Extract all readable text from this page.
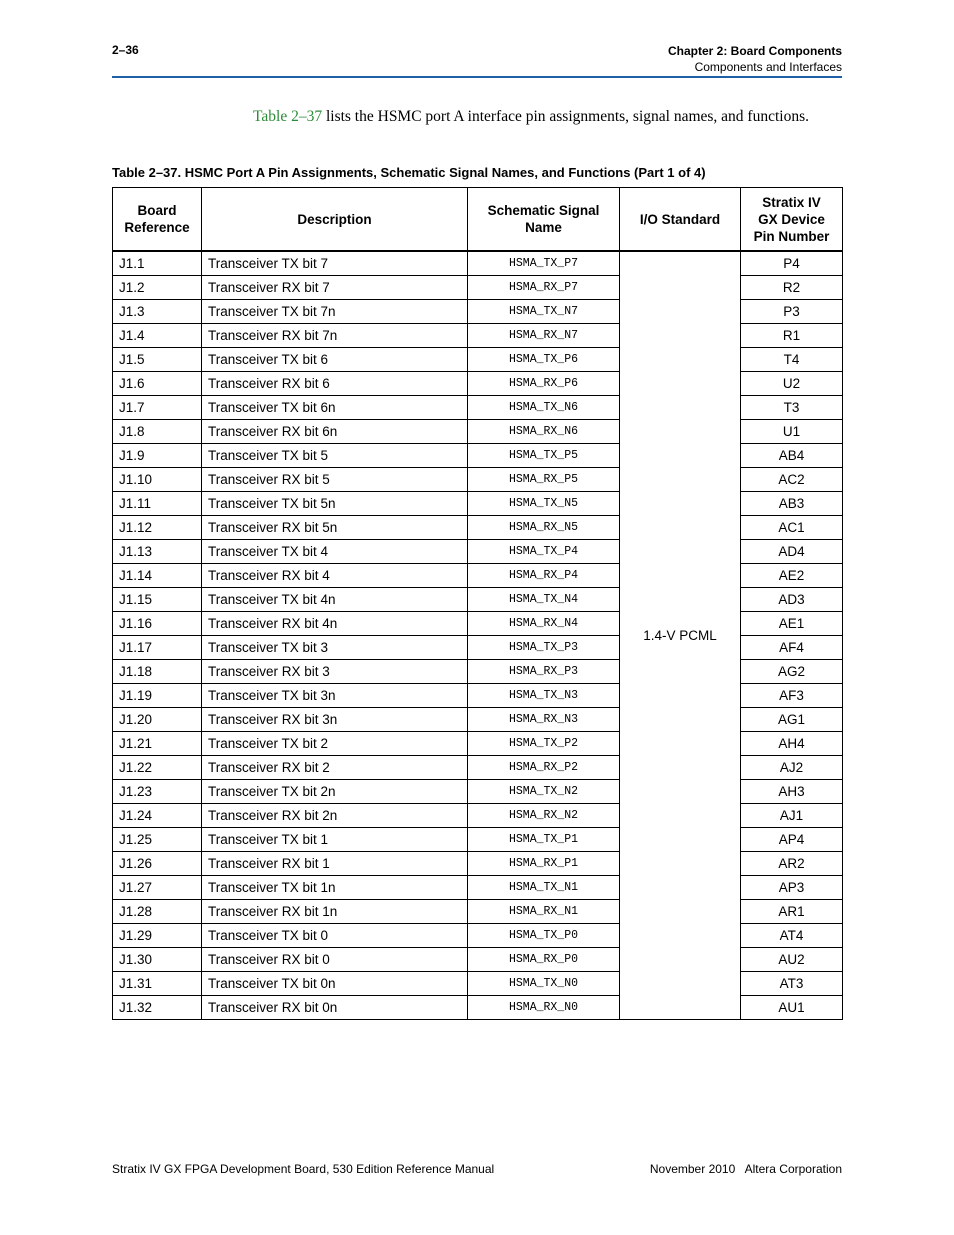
2–36	Chapter 2: Board Components
Components and Interfaces

Table 2–37 lists the HSMC port A interface pin assignments, signal names, and functions.

Table 2–37. HSMC Port A Pin Assignments, Schematic Signal Names, and Functions (Part 1 of 4)
Board Reference	Description	Schematic Signal Name	I/O Standard	Stratix IV GX Device Pin Number
J1.1	Transceiver TX bit 7	HSMA_TX_P7	1.4-V PCML	P4
J1.2	Transceiver RX bit 7	HSMA_RX_P7		R2
J1.3	Transceiver TX bit 7n	HSMA_TX_N7		P3
J1.4	Transceiver RX bit 7n	HSMA_RX_N7		R1
J1.5	Transceiver TX bit 6	HSMA_TX_P6		T4
J1.6	Transceiver RX bit 6	HSMA_RX_P6		U2
J1.7	Transceiver TX bit 6n	HSMA_TX_N6		T3
J1.8	Transceiver RX bit 6n	HSMA_RX_N6		U1
J1.9	Transceiver TX bit 5	HSMA_TX_P5		AB4
J1.10	Transceiver RX bit 5	HSMA_RX_P5		AC2
J1.11	Transceiver TX bit 5n	HSMA_TX_N5		AB3
J1.12	Transceiver RX bit 5n	HSMA_RX_N5		AC1
J1.13	Transceiver TX bit 4	HSMA_TX_P4		AD4
J1.14	Transceiver RX bit 4	HSMA_RX_P4		AE2
J1.15	Transceiver TX bit 4n	HSMA_TX_N4		AD3
J1.16	Transceiver RX bit 4n	HSMA_RX_N4		AE1
J1.17	Transceiver TX bit 3	HSMA_TX_P3		AF4
J1.18	Transceiver RX bit 3	HSMA_RX_P3		AG2
J1.19	Transceiver TX bit 3n	HSMA_TX_N3		AF3
J1.20	Transceiver RX bit 3n	HSMA_RX_N3		AG1
J1.21	Transceiver TX bit 2	HSMA_TX_P2		AH4
J1.22	Transceiver RX bit 2	HSMA_RX_P2		AJ2
J1.23	Transceiver TX bit 2n	HSMA_TX_N2		AH3
J1.24	Transceiver RX bit 2n	HSMA_RX_N2		AJ1
J1.25	Transceiver TX bit 1	HSMA_TX_P1		AP4
J1.26	Transceiver RX bit 1	HSMA_RX_P1		AR2
J1.27	Transceiver TX bit 1n	HSMA_TX_N1		AP3
J1.28	Transceiver RX bit 1n	HSMA_RX_N1		AR1
J1.29	Transceiver TX bit 0	HSMA_TX_P0		AT4
J1.30	Transceiver RX bit 0	HSMA_RX_P0		AU2
J1.31	Transceiver TX bit 0n	HSMA_TX_N0		AT3
J1.32	Transceiver RX bit 0n	HSMA_RX_N0		AU1
Stratix IV GX FPGA Development Board, 530 Edition Reference Manual	November 2010 Altera Corporation
